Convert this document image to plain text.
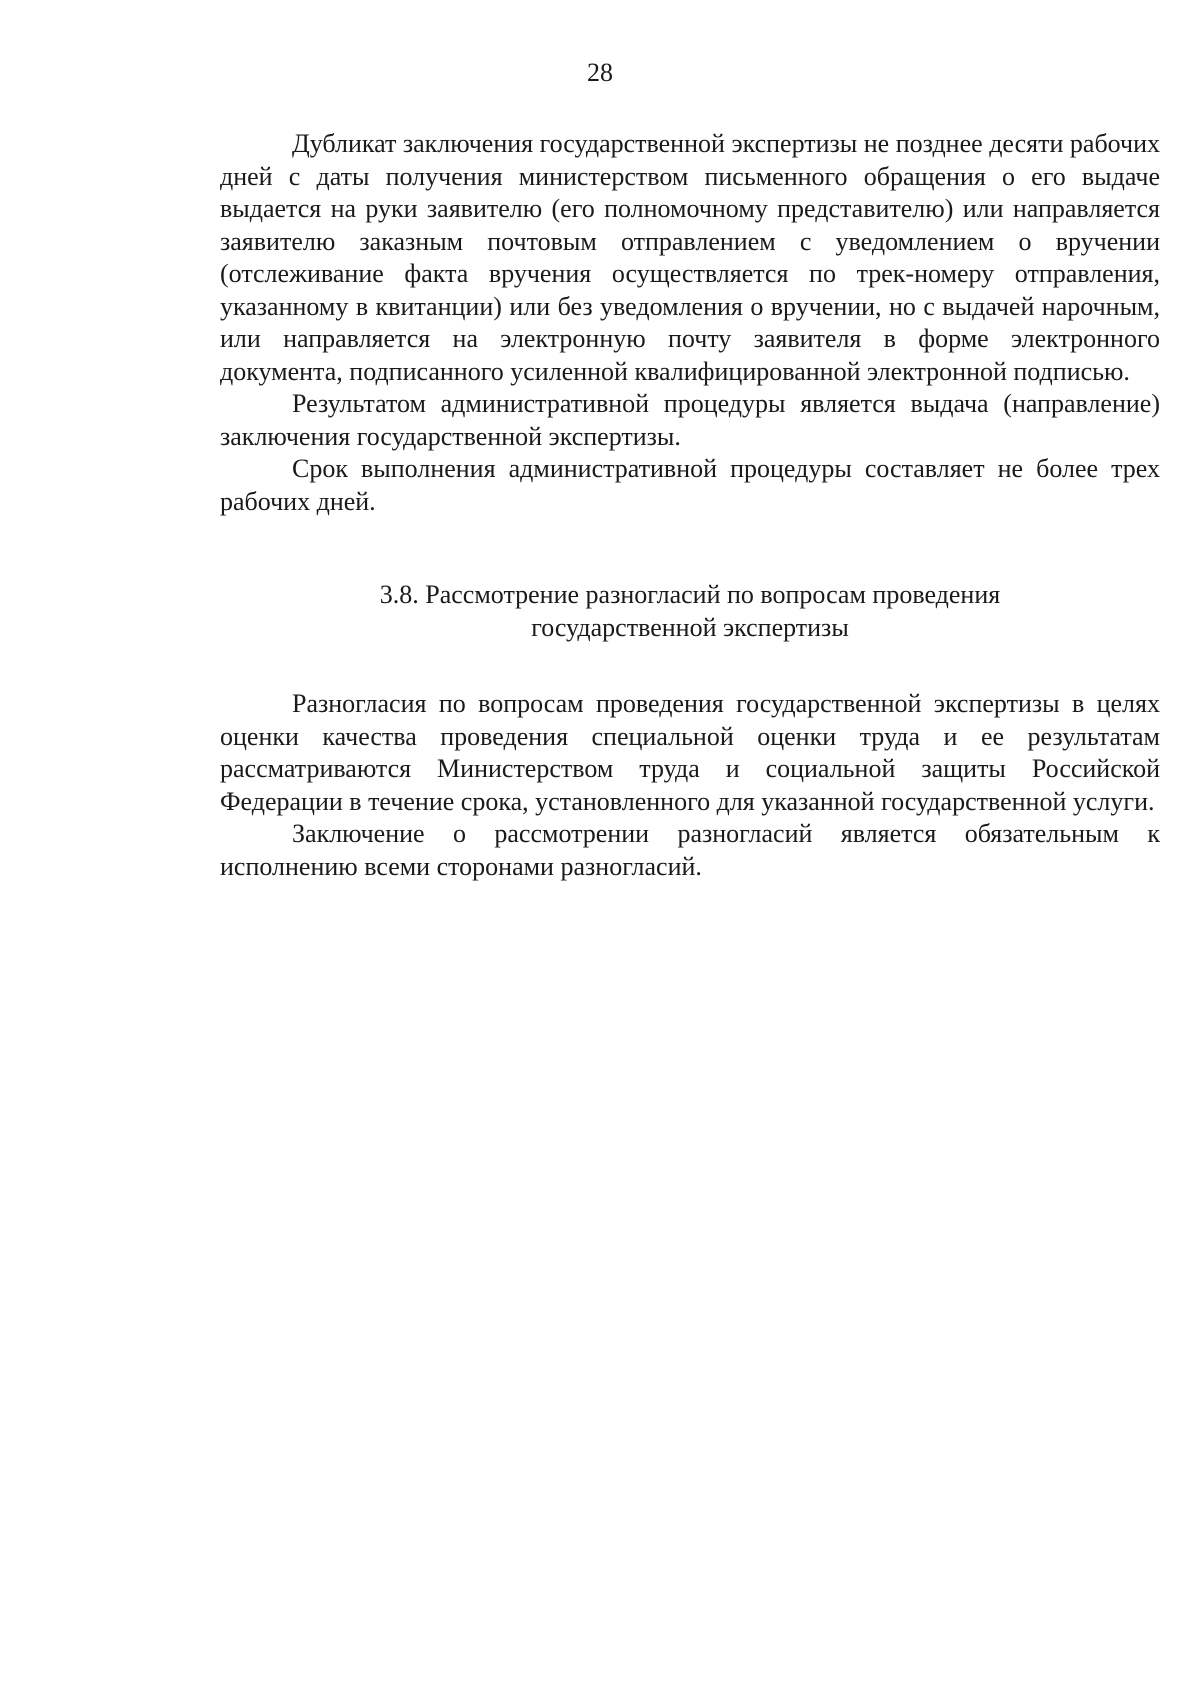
28

Дубликат заключения государственной экспертизы не позднее десяти рабочих дней с даты получения министерством письменного обращения о его выдаче выдается на руки заявителю (его полномочному представителю) или направляется заявителю заказным почтовым отправлением с уведомлением о вручении (отслеживание факта вручения осуществляется по трек-номеру отправления, указанному в квитанции) или без уведомления о вручении, но с выдачей нарочным, или направляется на электронную почту заявителя в форме электронного документа, подписанного усиленной квалифицированной электронной подписью.

Результатом административной процедуры является выдача (направление) заключения государственной экспертизы.

Срок выполнения административной процедуры составляет не более трех рабочих дней.

3.8. Рассмотрение разногласий по вопросам проведения
государственной экспертизы

Разногласия по вопросам проведения государственной экспертизы в целях оценки качества проведения специальной оценки труда и ее результатам рассматриваются Министерством труда и социальной защиты Российской Федерации в течение срока, установленного для указанной государственной услуги.

Заключение о рассмотрении разногласий является обязательным к исполнению всеми сторонами разногласий.
